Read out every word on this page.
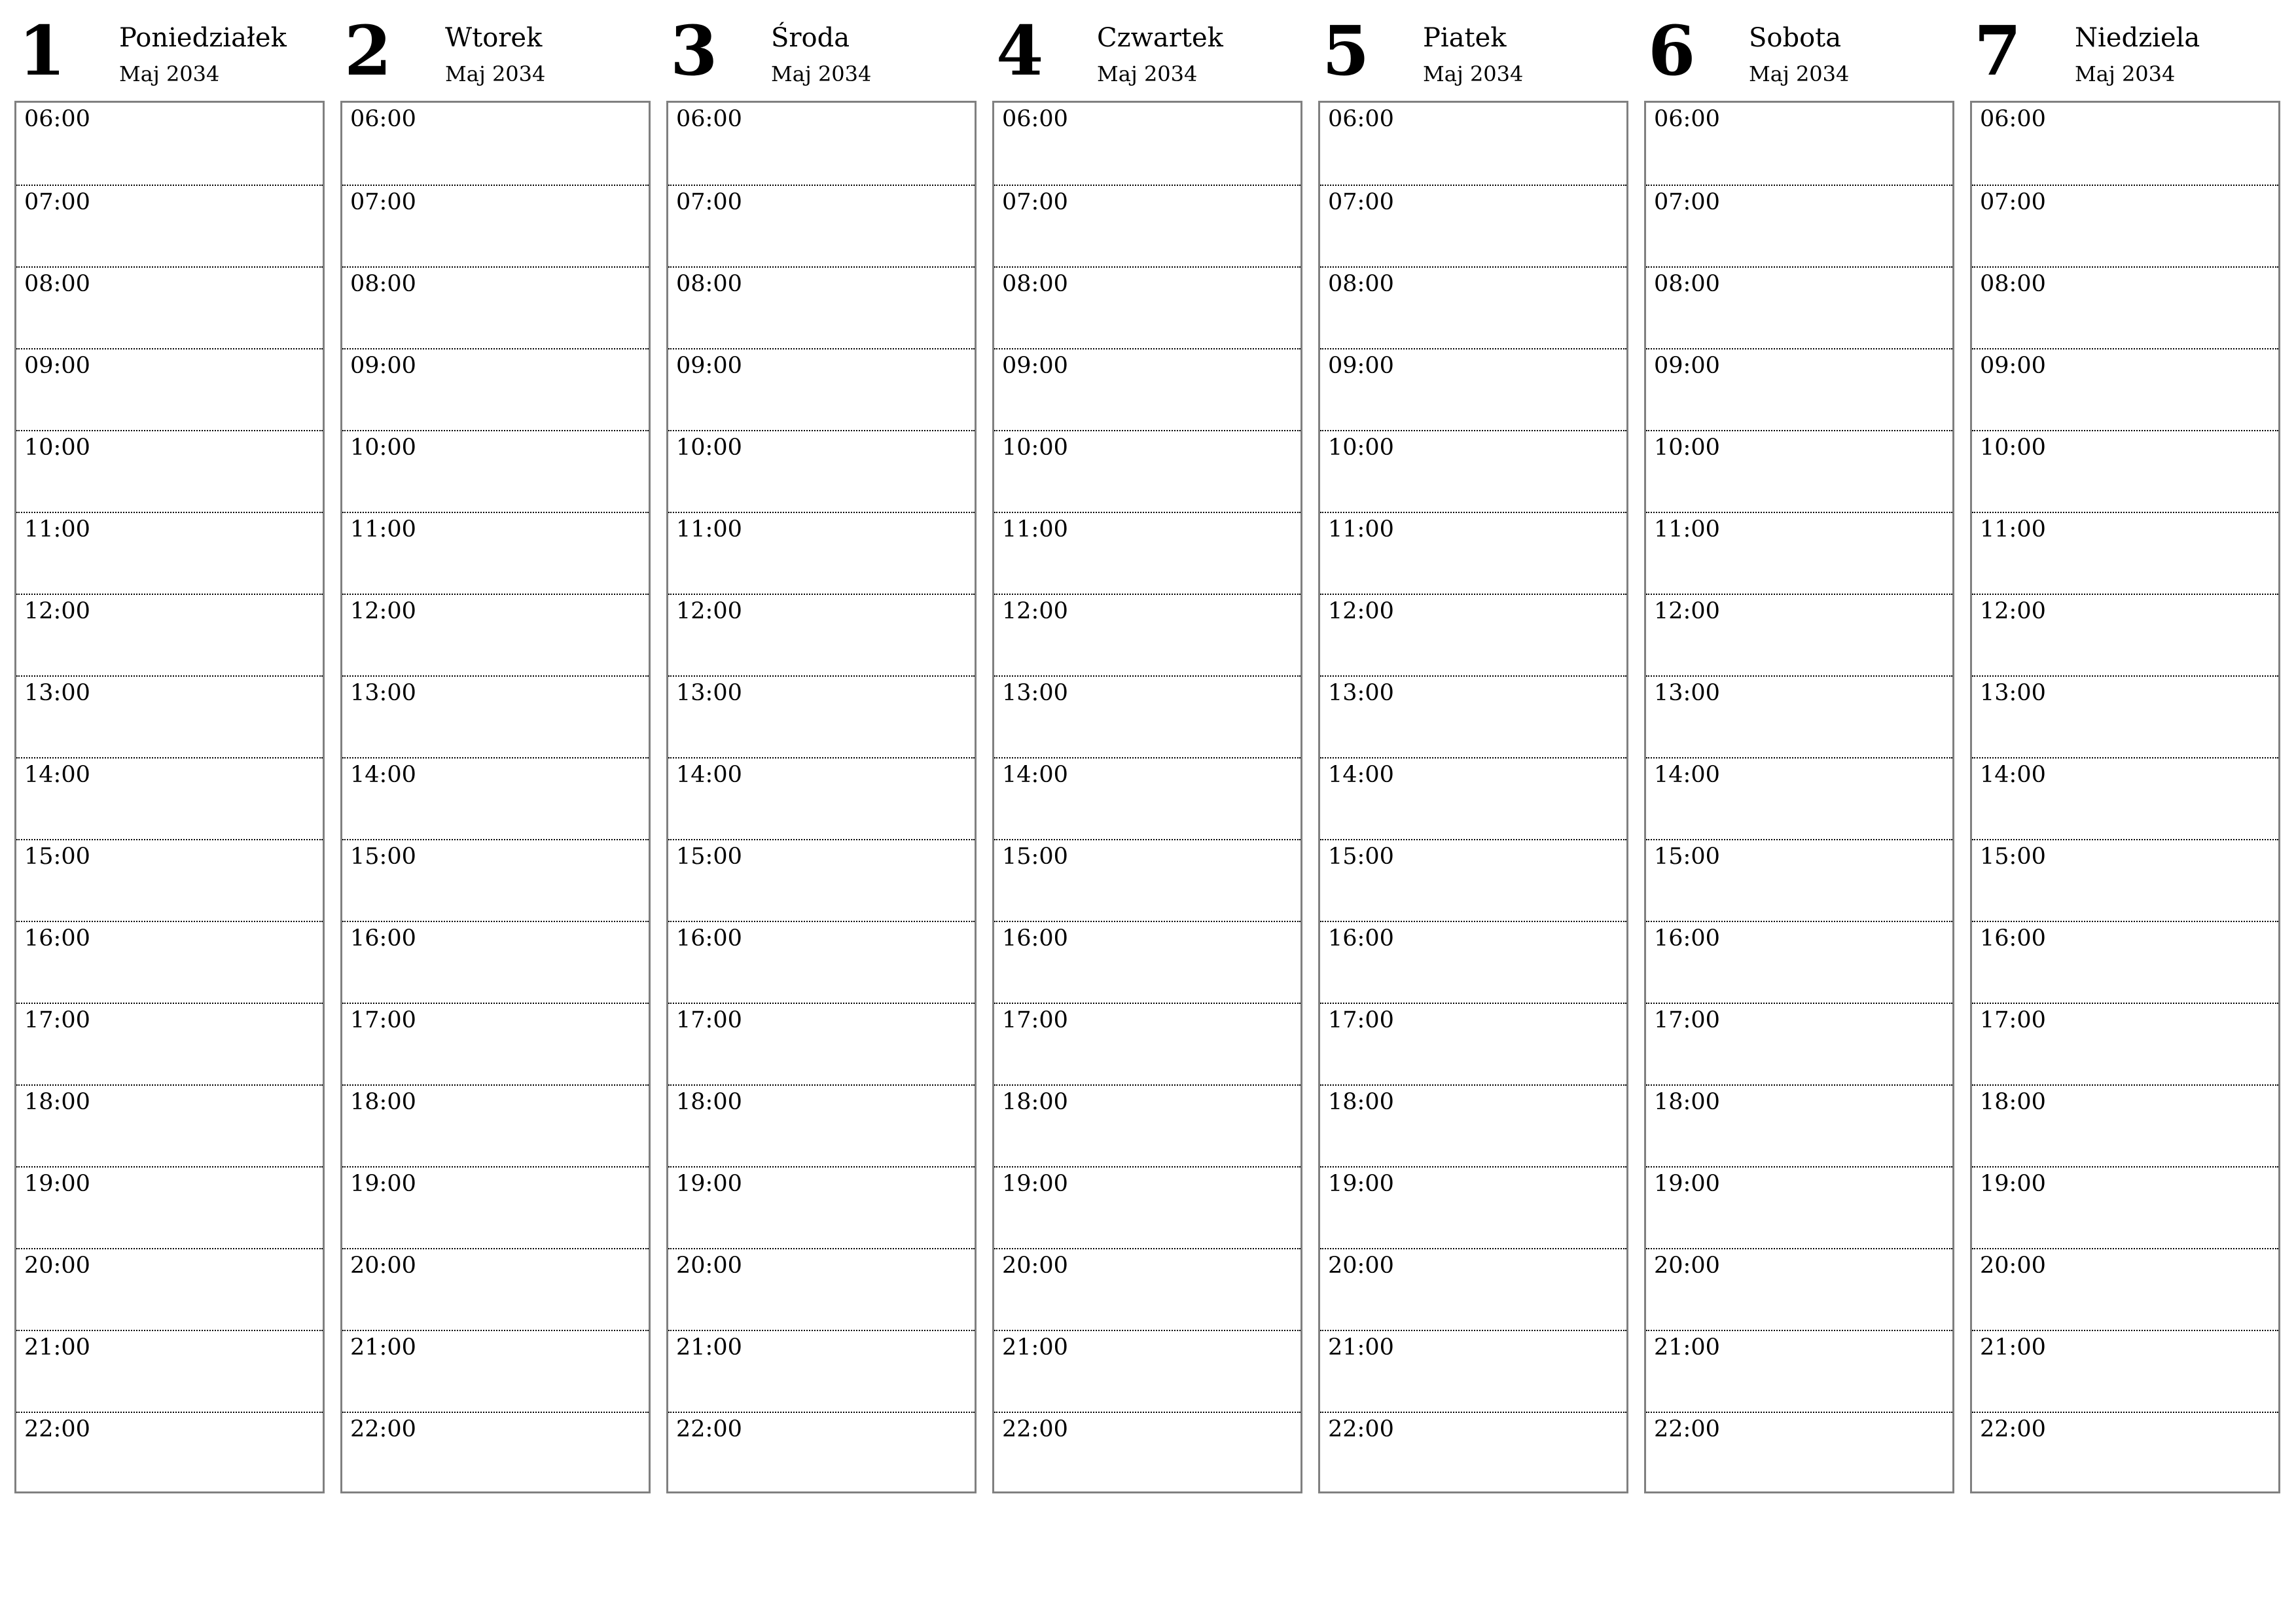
1 Poniedziałek
Maj 2034
06:00
07:00
08:00
09:00
10:00
11:00
12:00
13:00
14:00
15:00
16:00
17:00
18:00
19:00
20:00
21:00
22:00
2 Wtorek
Maj 2034
06:00
07:00
08:00
09:00
10:00
11:00
12:00
13:00
14:00
15:00
16:00
17:00
18:00
19:00
20:00
21:00
22:00
3 Środa
Maj 2034
06:00
07:00
08:00
09:00
10:00
11:00
12:00
13:00
14:00
15:00
16:00
17:00
18:00
19:00
20:00
21:00
22:00
4 Czwartek
Maj 2034
06:00
07:00
08:00
09:00
10:00
11:00
12:00
13:00
14:00
15:00
16:00
17:00
18:00
19:00
20:00
21:00
22:00
5 Piatek
Maj 2034
06:00
07:00
08:00
09:00
10:00
11:00
12:00
13:00
14:00
15:00
16:00
17:00
18:00
19:00
20:00
21:00
22:00
6 Sobota
Maj 2034
06:00
07:00
08:00
09:00
10:00
11:00
12:00
13:00
14:00
15:00
16:00
17:00
18:00
19:00
20:00
21:00
22:00
7 Niedziela
Maj 2034
06:00
07:00
08:00
09:00
10:00
11:00
12:00
13:00
14:00
15:00
16:00
17:00
18:00
19:00
20:00
21:00
22:00
